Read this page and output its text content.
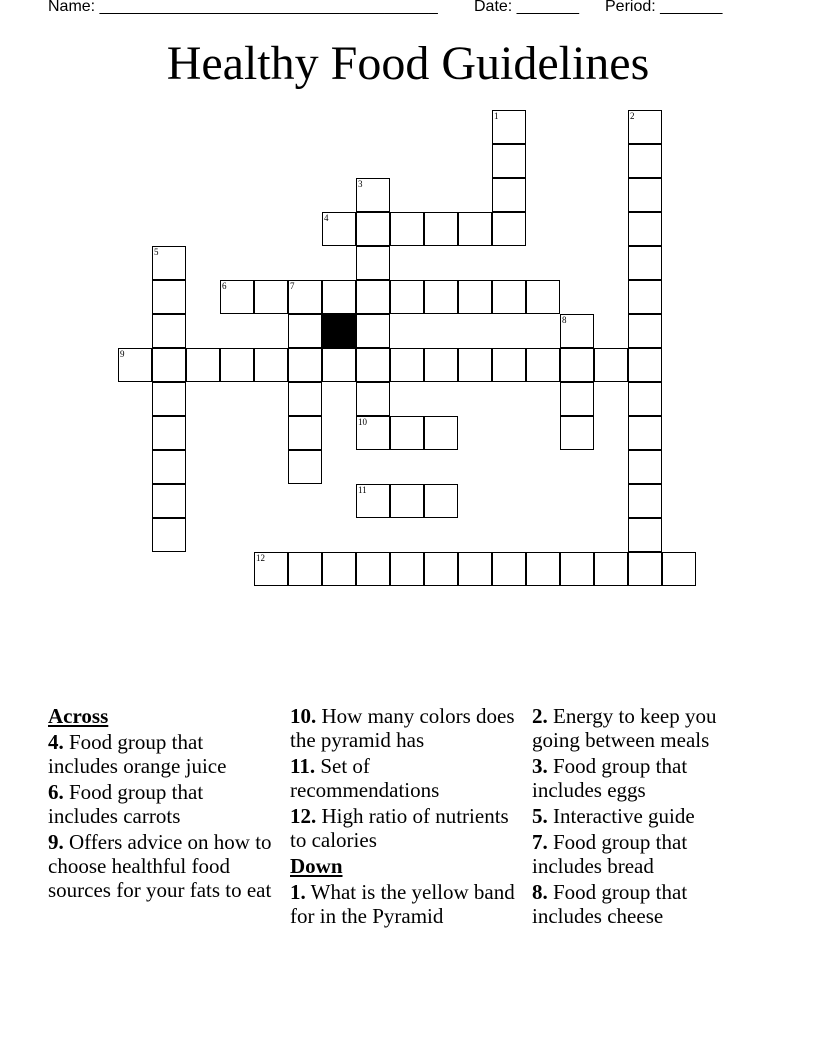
Name: ______________________________________ Date: _______ Period: _______
Healthy Food Guidelines
1	2
3
4
5
6	7
8
9
10
11
12
Across
4. Food group that includes orange juice
6. Food group that includes carrots
9. Offers advice on how to choose healthful food sources for your fats to eat
10. How many colors does the pyramid has
11. Set of recommendations
12. High ratio of nutrients to calories
Down
1. What is the yellow band for in the Pyramid
2. Energy to keep you going between meals
3. Food group that includes eggs
5. Interactive guide
7. Food group that includes bread
8. Food group that includes cheese
